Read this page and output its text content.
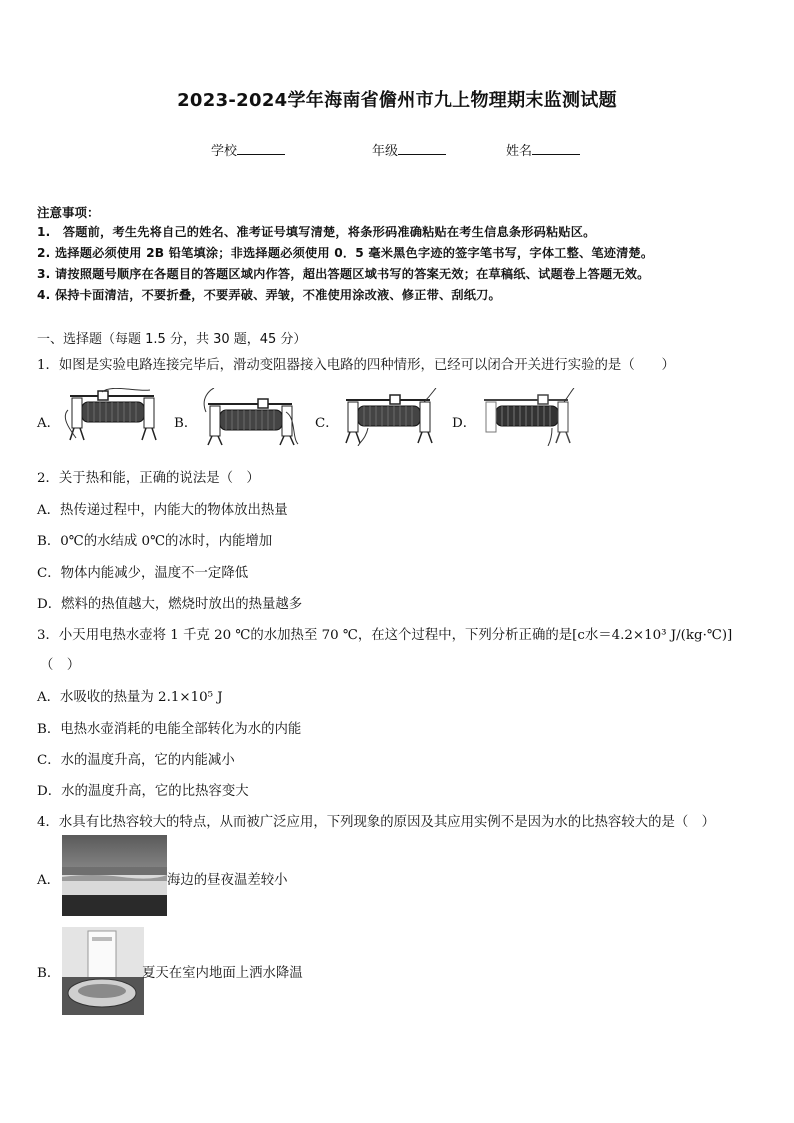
2023-2024学年海南省儋州市九上物理期末监测试题
学校	年级	姓名
注意事项：
1.　答题前，考生先将自己的姓名、准考证号填写清楚，将条形码准确粘贴在考生信息条形码粘贴区。
2. 选择题必须使用 2B 铅笔填涂；非选择题必须使用 0．5 毫米黑色字迹的签字笔书写，字体工整、笔迹清楚。
3. 请按照题号顺序在各题目的答题区域内作答，超出答题区域书写的答案无效；在草稿纸、试题卷上答题无效。
4. 保持卡面清洁，不要折叠，不要弄破、弄皱，不准使用涂改液、修正带、刮纸刀。
一、选择题（每题 1.5 分，共 30 题，45 分）
1．如图是实验电路连接完毕后，滑动变阻器接入电路的四种情形，已经可以闭合开关进行实验的是（　　）
A．	B．	C．	D．
2．关于热和能，正确的说法是（　）
A．热传递过程中，内能大的物体放出热量
B．0℃的水结成 0℃的冰时，内能增加
C．物体内能减少，温度不一定降低
D．燃料的热值越大，燃烧时放出的热量越多
3．小天用电热水壶将 1 千克 20 ℃的水加热至 70 ℃，在这个过程中，下列分析正确的是[c水＝4.2×10³ J/(kg·℃)]
（　）
A．水吸收的热量为 2.1×10⁵ J
B．电热水壶消耗的电能全部转化为水的内能
C．水的温度升高，它的内能减小
D．水的温度升高，它的比热容变大
4．水具有比热容较大的特点，从而被广泛应用，下列现象的原因及其应用实例不是因为水的比热容较大的是（　）
A．	海边的昼夜温差较小
B．	夏天在室内地面上洒水降温
